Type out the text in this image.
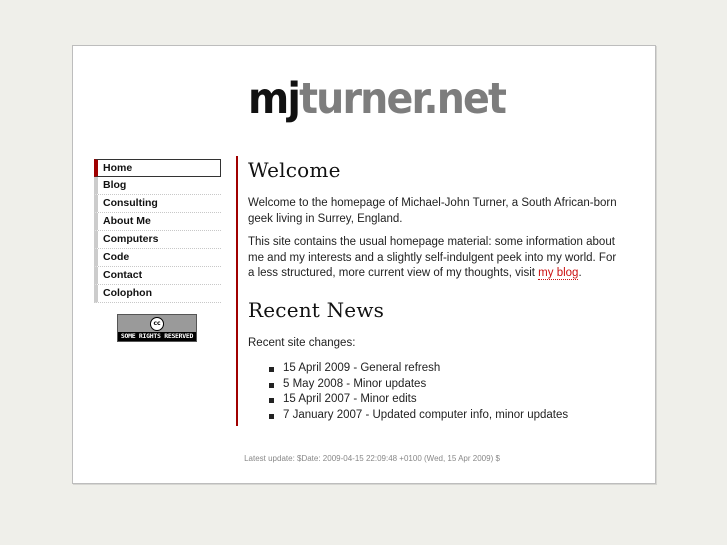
mjturner.net
Home
Blog
Consulting
About Me
Computers
Code
Contact
Colophon
cc
SOME RIGHTS RESERVED
Welcome

Welcome to the homepage of Michael-John Turner, a South African-born geek living in Surrey, England.

This site contains the usual homepage material: some information about me and my interests and a slightly self-indulgent peek into my world. For a less structured, more current view of my thoughts, visit my blog.

Recent News

Recent site changes:

15 April 2009 - General refresh
5 May 2008 - Minor updates
15 April 2007 - Minor edits
7 January 2007 - Updated computer info, minor updates
Latest update: $Date: 2009-04-15 22:09:48 +0100 (Wed, 15 Apr 2009) $
